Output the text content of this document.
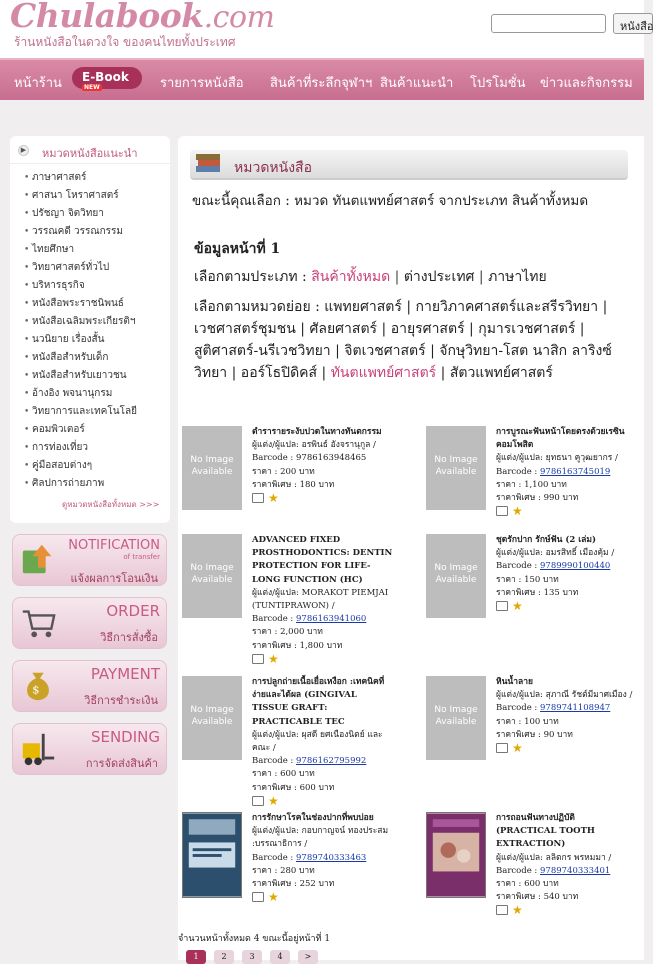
Chulabook.com
ร้านหนังสือในดวงใจ ของคนไทยทั้งประเทศ
หนังสือ
หน้าร้าน	E-Book $^{NEW}$	รายการหนังสือ สินค้าที่ระลึกจุฬาฯ สินค้าแนะนำ โปรโมชั่น ข่าวและกิจกรรม
▶ หมวดหนังสือแนะนำ
• ภาษาศาสตร์
• ศาสนา โหราศาสตร์
• ปรัชญา จิตวิทยา
• วรรณคดี วรรณกรรม
• ไทยศึกษา
• วิทยาศาสตร์ทั่วไป
• บริหารธุรกิจ
• หนังสือพระราชนิพนธ์
• หนังสือเฉลิมพระเกียรติฯ
• นวนิยาย เรื่องสั้น
• หนังสือสำหรับเด็ก
• หนังสือสำหรับเยาวชน
• อ้างอิง พจนานุกรม
• วิทยาการและเทคโนโลยี
• คอมพิวเตอร์
• การท่องเที่ยว
• คู่มือสอบต่างๆ
• ศิลปการถ่ายภาพ
ดูหมวดหนังสือทั้งหมด >>>
NOTIFICATION
of transfer
แจ้งผลการโอนเงิน
ORDER
วิธีการสั่งซื้อ
$
PAYMENT
วิธีการชำระเงิน
SENDING
การจัดส่งสินค้า
หมวดหนังสือ
ขณะนี้คุณเลือก : หมวด ทันตแพทย์ศาสตร์ จากประเภท สินค้าทั้งหมด
ข้อมูลหน้าที่ 1
เลือกตามประเภท : สินค้าทั้งหมด | ต่างประเทศ | ภาษาไทย
เลือกตามหมวดย่อย : แพทยศาสตร์ | กายวิภาคศาสตร์และสรีรวิทยา | เวชศาสตร์ชุมชน | ศัลยศาสตร์ | อายุรศาสตร์ | กุมารเวชศาสตร์ | สูติศาสตร์-นรีเวชวิทยา | จิตเวชศาสตร์ | จักษุวิทยา-โสต นาสิก ลาริงซ์วิทยา | ออร์โธปิดิคส์ | ทันตแพทย์ศาสตร์ | สัตวแพทย์ศาสตร์
No Image Available
ตำรารายระงับปวดในทางทันตกรรม
ผู้แต่ง/ผู้แปล: อรพินธ์ อังจรานุกูล /
Barcode : 9786163948465
ราคา : 200 บาท
ราคาพิเศษ : 180 บาท
★
No Image Available
การบูรณะฟันหน้าโดยตรงด้วยเรซินคอมโพสิต
ผู้แต่ง/ผู้แปล: ยุทธนา คูวุฒยากร /
Barcode : 9786163745019
ราคา : 1,100 บาท
ราคาพิเศษ : 990 บาท
★
No Image Available
ADVANCED FIXED PROSTHODONTICS: DENTIN PROTECTION FOR LIFE-LONG FUNCTION (HC)
ผู้แต่ง/ผู้แปล: MORAKOT PIEMJAI (TUNTIPRAWON) /
Barcode : 9786163941060
ราคา : 2,000 บาท
ราคาพิเศษ : 1,800 บาท
★
No Image Available
ชุดรักปาก รักษ์ฟัน (2 เล่ม)
ผู้แต่ง/ผู้แปล: อมรสิทธิ์ เมืองคุ้ม /
Barcode : 9789990100440
ราคา : 150 บาท
ราคาพิเศษ : 135 บาท
★
No Image Available
การปลูกถ่ายเนื้อเยื่อเหงือก :เทคนิคที่ง่ายและได้ผล (GINGIVAL TISSUE GRAFT: PRACTICABLE TEC
ผู้แต่ง/ผู้แปล: ผุสดี ยศเนืองนิตย์ และคณะ /
Barcode : 9786162795992
ราคา : 600 บาท
ราคาพิเศษ : 600 บาท
★
No Image Available
หินน้ำลาย
ผู้แต่ง/ผู้แปล: สุภาณี รัชต์มีมาศเมือง /
Barcode : 9789741108947
ราคา : 100 บาท
ราคาพิเศษ : 90 บาท
★
การรักษาโรคในช่องปากที่พบบ่อย
ผู้แต่ง/ผู้แปล: กอบกาญจน์ ทองประสม :บรรณาธิการ /
Barcode : 9789740333463
ราคา : 280 บาท
ราคาพิเศษ : 252 บาท
★
การถอนฟันทางปฏิบัติ (PRACTICAL TOOTH EXTRACTION)
ผู้แต่ง/ผู้แปล: ลลิตกร พรหมมา /
Barcode : 9789740333401
ราคา : 600 บาท
ราคาพิเศษ : 540 บาท
★
จำนวนหน้าทั้งหมด 4 ขณะนี้อยู่หน้าที่ 1
1	2	3	4	>
